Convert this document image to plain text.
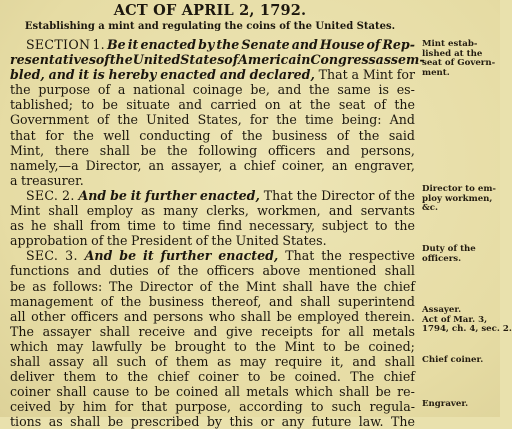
ACT OF APRIL 2, 1792.
Establishing a mint and regulating the coins of the United States.
SECTION 1. Be it enacted by the Senate and House of Rep-
resentatives of the United States of America in Congress assem-
bled, and it is hereby enacted and declared, That a Mint for
the purpose of a national coinage be, and the same is es-
tablished; to be situate and carried on at the seat of the
Government of the United States, for the time being: And
that for the well conducting of the business of the said
Mint, there shall be the following officers and persons,
namely,—a Director, an assayer, a chief coiner, an engraver,
a treasurer.
SEC. 2. And be it further enacted, That the Director of the
Mint shall employ as many clerks, workmen, and servants
as he shall from time to time find necessary, subject to the
approbation of the President of the United States.
SEC. 3. And be it further enacted, That the respective
functions and duties of the officers above mentioned shall
be as follows: The Director of the Mint shall have the chief
management of the business thereof, and shall superintend
all other officers and persons who shall be employed therein.
The assayer shall receive and give receipts for all metals
which may lawfully be brought to the Mint to be coined;
shall assay all such of them as may require it, and shall
deliver them to the chief coiner to be coined. The chief
coiner shall cause to be coined all metals which shall be re-
ceived by him for that purpose, according to such regula-
tions as shall be prescribed by this or any future law. The
Mint estab-
lished at the
seat of Govern-
ment.
Director to em-
ploy workmen,
&c.
Duty of the
officers.
Assayer.
Act of Mar. 3,
1794, ch. 4, sec. 2.
Chief coiner.
Engraver.
